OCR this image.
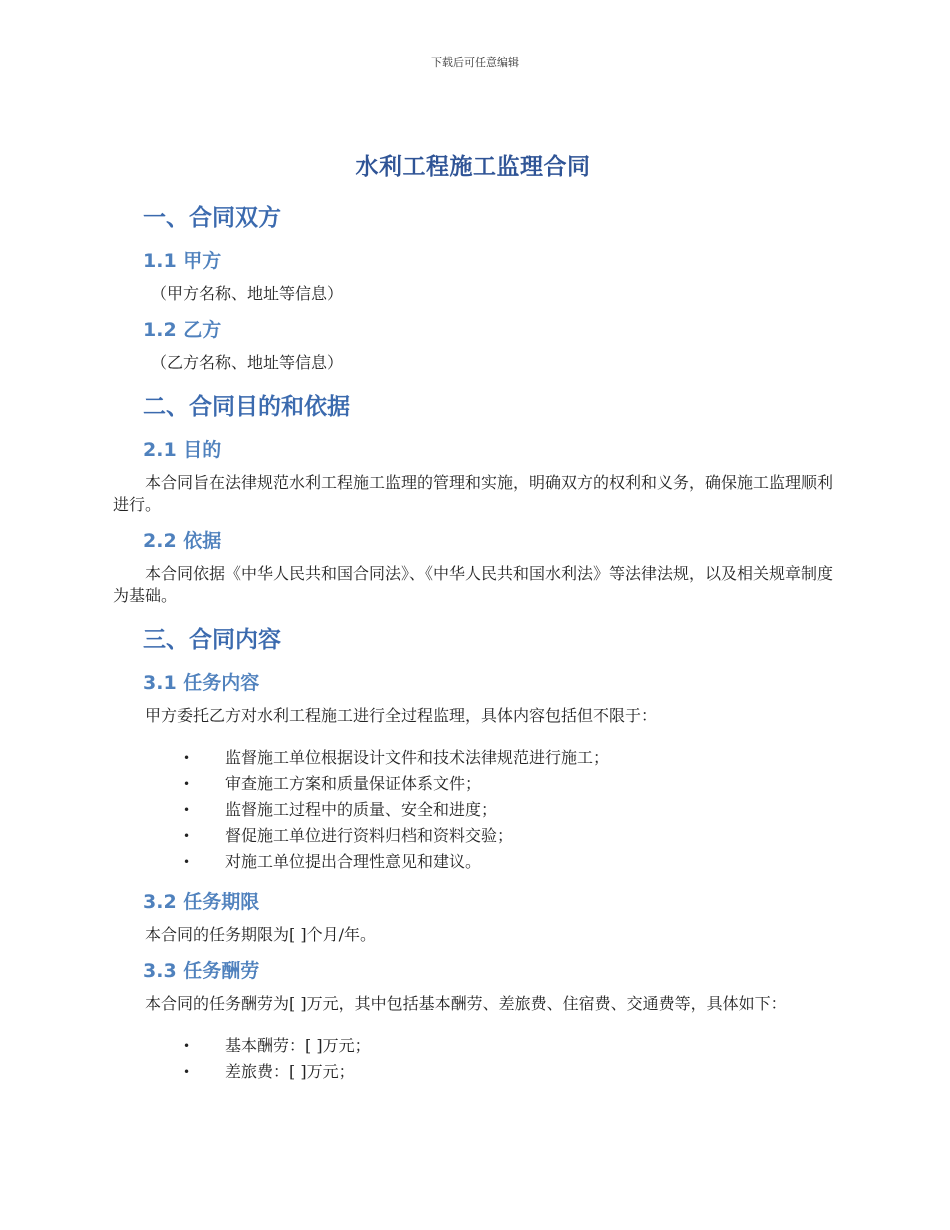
下载后可任意编辑
水利工程施工监理合同
一、合同双方
1.1 甲方
（甲方名称、地址等信息）
1.2 乙方
（乙方名称、地址等信息）
二、合同目的和依据
2.1 目的
本合同旨在法律规范水利工程施工监理的管理和实施，明确双方的权利和义务，确保施工监理顺利进行。
2.2 依据
本合同依据《中华人民共和国合同法》、《中华人民共和国水利法》等法律法规，以及相关规章制度为基础。
三、合同内容
3.1 任务内容
甲方委托乙方对水利工程施工进行全过程监理，具体内容包括但不限于：
• 监督施工单位根据设计文件和技术法律规范进行施工；
• 审查施工方案和质量保证体系文件；
• 监督施工过程中的质量、安全和进度；
• 督促施工单位进行资料归档和资料交验；
• 对施工单位提出合理性意见和建议。
3.2 任务期限
本合同的任务期限为[ ]个月/年。
3.3 任务酬劳
本合同的任务酬劳为[ ]万元，其中包括基本酬劳、差旅费、住宿费、交通费等，具体如下：
• 基本酬劳：[ ]万元；
• 差旅费：[ ]万元；
